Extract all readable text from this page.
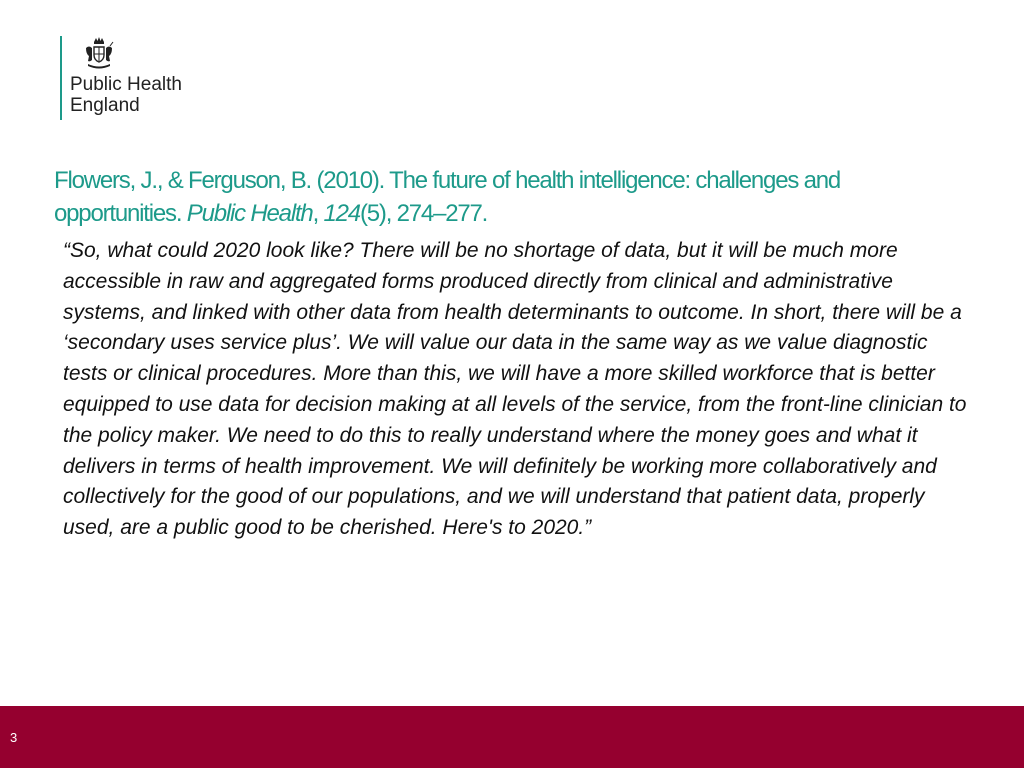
Public Health
England
Flowers, J., & Ferguson, B. (2010). The future of health intelligence: challenges and opportunities. Public Health, 124(5), 274–277.

“So, what could 2020 look like? There will be no shortage of data, but it will be much more accessible in raw and aggregated forms produced directly from clinical and administrative systems, and linked with other data from health determinants to outcome. In short, there will be a ‘secondary uses service plus’. We will value our data in the same way as we value diagnostic tests or clinical procedures. More than this, we will have a more skilled workforce that is better equipped to use data for decision making at all levels of the service, from the front-line clinician to the policy maker. We need to do this to really understand where the money goes and what it delivers in terms of health improvement. We will definitely be working more collaboratively and collectively for the good of our populations, and we will understand that patient data, properly used, are a public good to be cherished. Here's to 2020.”

3
